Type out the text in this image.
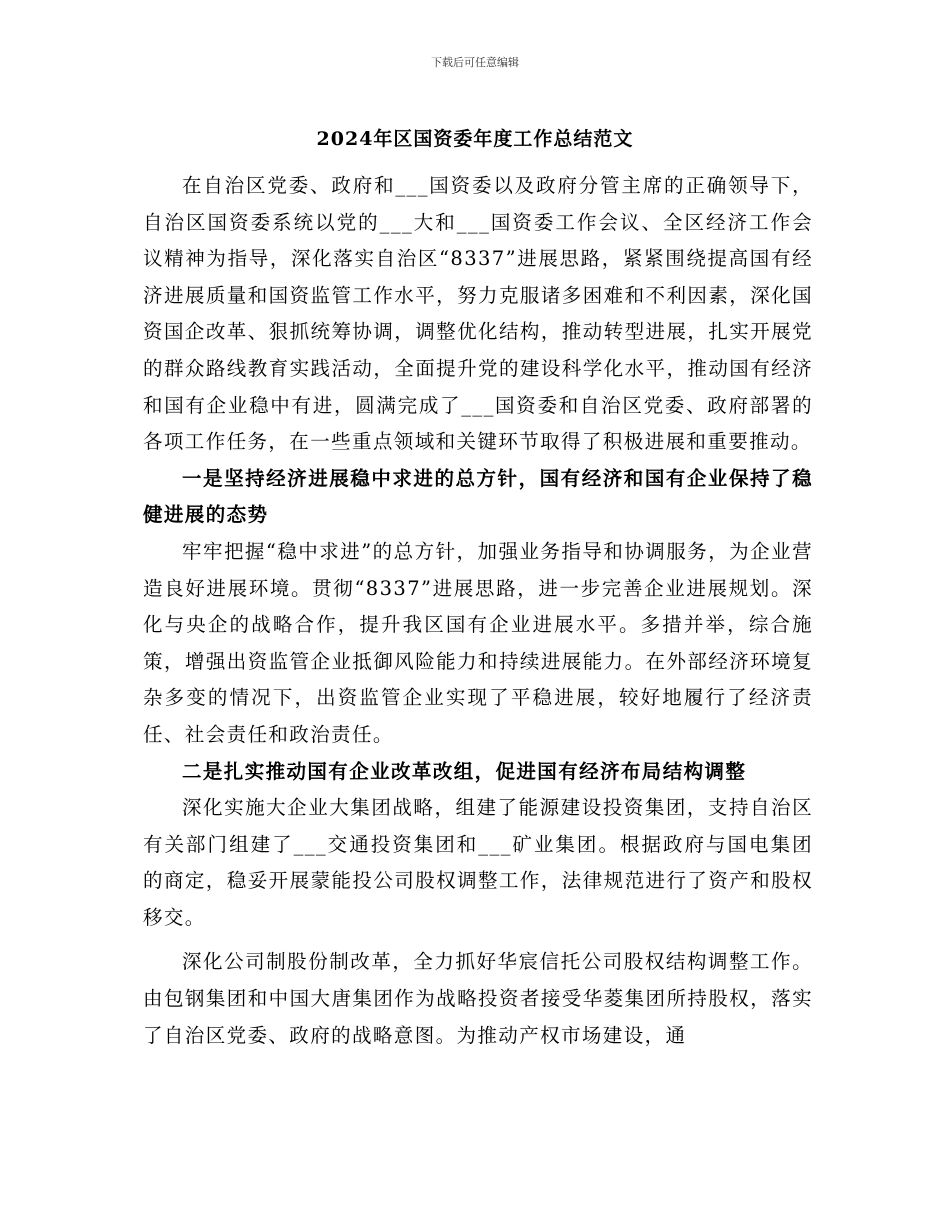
下载后可任意编辑
2024年区国资委年度工作总结范文

在自治区党委、政府和___国资委以及政府分管主席的正确领导下，自治区国资委系统以党的___大和___国资委工作会议、全区经济工作会议精神为指导，深化落实自治区“8337”进展思路，紧紧围绕提高国有经济进展质量和国资监管工作水平，努力克服诸多困难和不利因素，深化国资国企改革、狠抓统筹协调，调整优化结构，推动转型进展，扎实开展党的群众路线教育实践活动，全面提升党的建设科学化水平，推动国有经济和国有企业稳中有进，圆满完成了___国资委和自治区党委、政府部署的各项工作任务，在一些重点领域和关键环节取得了积极进展和重要推动。

一是坚持经济进展稳中求进的总方针，国有经济和国有企业保持了稳健进展的态势

牢牢把握“稳中求进”的总方针，加强业务指导和协调服务，为企业营造良好进展环境。贯彻“8337”进展思路，进一步完善企业进展规划。深化与央企的战略合作，提升我区国有企业进展水平。多措并举，综合施策，增强出资监管企业抵御风险能力和持续进展能力。在外部经济环境复杂多变的情况下，出资监管企业实现了平稳进展，较好地履行了经济责任、社会责任和政治责任。

二是扎实推动国有企业改革改组，促进国有经济布局结构调整

深化实施大企业大集团战略，组建了能源建设投资集团，支持自治区有关部门组建了___交通投资集团和___矿业集团。根据政府与国电集团的商定，稳妥开展蒙能投公司股权调整工作，法律规范进行了资产和股权移交。

深化公司制股份制改革，全力抓好华宸信托公司股权结构调整工作。由包钢集团和中国大唐集团作为战略投资者接受华菱集团所持股权，落实了自治区党委、政府的战略意图。为推动产权市场建设，通
